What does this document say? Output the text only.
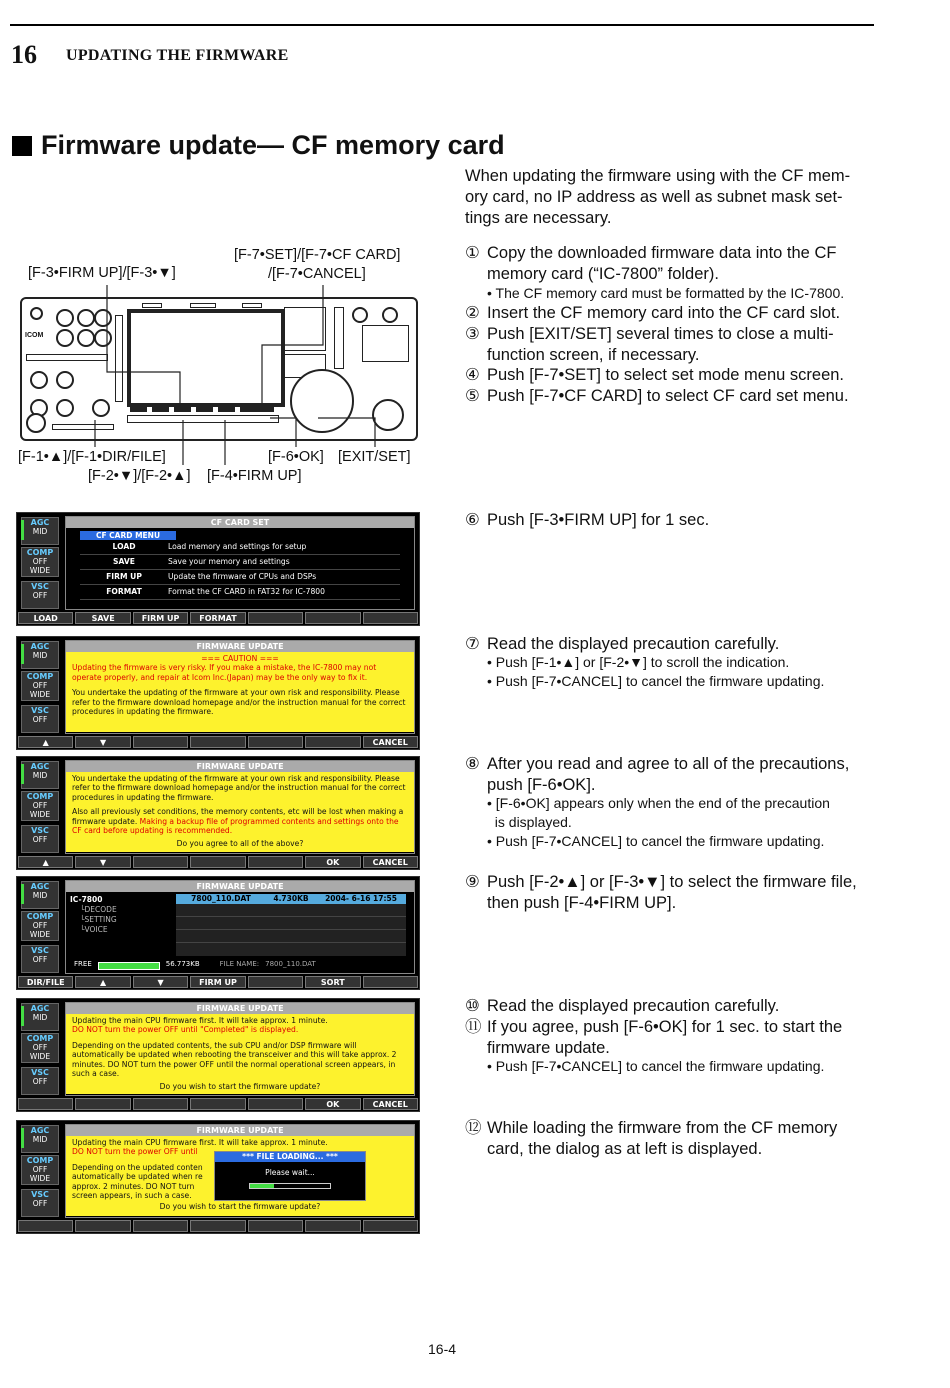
16 UPDATING THE FIRMWARE
Firmware update— CF memory card
When updating the firmware using with the CF mem-
ory card, no IP address as well as subnet mask set-
tings are necessary.
[F-7•SET]/[F-7•CF CARD]
/[F-7•CANCEL]
[F-3•FIRM UP]/[F-3•▼]
[F-1•▲]/[F-1•DIR/FILE]	[F-6•OK] [EXIT/SET]
[F-2•▼]/[F-2•▲] [F-4•FIRM UP]
ICOM
① Copy the downloaded firmware data into the CF
memory card (“IC-7800” folder).
• The CF memory card must be formatted by the IC-7800.
② Insert the CF memory card into the CF card slot.
③ Push [EXIT/SET] several times to close a multi-
function screen, if necessary.
④ Push [F-7•SET] to select set mode menu screen.
⑤ Push [F-7•CF CARD] to select CF card set menu.
⑥ Push [F-3•FIRM UP] for 1 sec.
⑦ Read the displayed precaution carefully.
• Push [F-1•▲] or [F-2•▼] to scroll the indication.
• Push [F-7•CANCEL] to cancel the firmware updating.
⑧ After you read and agree to all of the precautions,
push [F-6•OK].
• [F-6•OK] appears only when the end of the precaution
is displayed.
• Push [F-7•CANCEL] to cancel the firmware updating.
⑨ Push [F-2•▲] or [F-3•▼] to select the firmware file,
then push [F-4•FIRM UP].
⑩ Read the displayed precaution carefully.
⑪ If you agree, push [F-6•OK] for 1 sec. to start the
firmware update.
• Push [F-7•CANCEL] to cancel the firmware updating.
⑫ While loading the firmware from the CF memory
card, the dialog as at left is displayed.
AGC
MID
COMP
OFF
WIDE
VSC
OFF
CF CARD SET
CF CARD MENU
LOAD	Load memory and settings for setup
SAVE	Save your memory and settings
FIRM UP	Update the firmware of CPUs and DSPs
FORMAT	Format the CF CARD in FAT32 for IC-7800
LOAD	SAVE	FIRM UP	FORMAT
AGC
MID
COMP
OFF
WIDE
VSC
OFF
FIRMWARE UPDATE
=== CAUTION ===
Updating the firmware is very risky. If you make a mistake, the IC-7800 may not operate properly, and repair at Icom Inc.(Japan) may be the only way to fix it.
You undertake the updating of the firmware at your own risk and responsibility. Please refer to the firmware download homepage and/or the instruction manual for the correct procedures in updating the firmware.
▲	▼	CANCEL
AGC
MID
COMP
OFF
WIDE
VSC
OFF
FIRMWARE UPDATE
You undertake the updating of the firmware at your own risk and responsibility. Please refer to the firmware download homepage and/or the instruction manual for the correct procedures in updating the firmware.
Also all previously set conditions, the memory contents, etc will be lost when making a firmware update. Making a backup file of programmed contents and settings onto the CF card before updating is recommended.
Do you agree to all of the above?
▲	▼	OK	CANCEL
AGC
MID
COMP
OFF
WIDE
VSC
OFF
FIRMWARE UPDATE
IC-7800
└DECODE
└SETTING
└VOICE
7800_110.DAT	4.730KB	2004- 6-16 17:55
FREE	56.773KB	FILE NAME: 7800_110.DAT
DIR/FILE	▲	▼	FIRM UP	SORT
AGC
MID
COMP
OFF
WIDE
VSC
OFF
FIRMWARE UPDATE
Updating the main CPU firmware first. It will take approx. 1 minute.
DO NOT turn the power OFF until "Completed" is displayed.
Depending on the updated contents, the sub CPU and/or DSP firmware will automatically be updated when rebooting the transceiver and this will take approx. 2 minutes. DO NOT turn the power OFF until the normal operational screen appears, in such a case.
Do you wish to start the firmware update?
OK	CANCEL
AGC
MID
COMP
OFF
WIDE
VSC
OFF
FIRMWARE UPDATE
Updating the main CPU firmware first. It will take approx. 1 minute.
DO NOT turn the power OFF until
Depending on the updated conten automatically be updated when re approx. 2 minutes. DO NOT turn screen appears, in such a case.
Do you wish to start the firmware update?
*** FILE LOADING... ***
Please wait...
16-4
